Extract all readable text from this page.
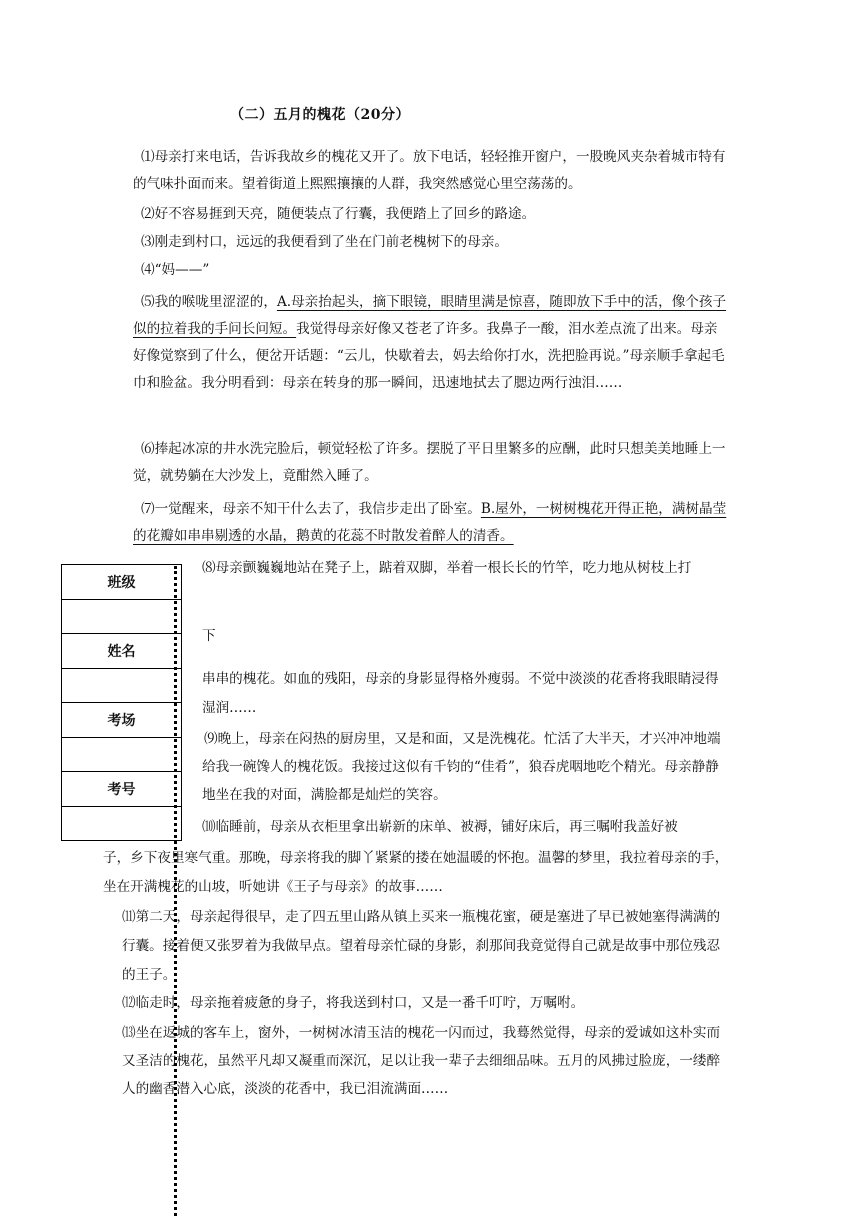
（二）五月的槐花（20分）
⑴母亲打来电话，告诉我故乡的槐花又开了。放下电话，轻轻推开窗户，一股晚风夹杂着城市特有的气味扑面而来。望着街道上熙熙攘攘的人群，我突然感觉心里空荡荡的。
⑵好不容易捱到天亮，随便装点了行囊，我便踏上了回乡的路途。
⑶刚走到村口，远远的我便看到了坐在门前老槐树下的母亲。
⑷“妈——”
⑸我的喉咙里涩涩的，A.母亲抬起头，摘下眼镜，眼睛里满是惊喜，随即放下手中的活，像个孩子似的拉着我的手问长问短。我觉得母亲好像又苍老了许多。我鼻子一酸，泪水差点流了出来。母亲好像觉察到了什么，便岔开话题：“云儿，快歇着去，妈去给你打水，洗把脸再说。”母亲顺手拿起毛巾和脸盆。我分明看到：母亲在转身的那一瞬间，迅速地拭去了腮边两行浊泪……
⑹捧起冰凉的井水洗完脸后，顿觉轻松了许多。摆脱了平日里繁多的应酬，此时只想美美地睡上一觉，就势躺在大沙发上，竟酣然入睡了。
⑺一觉醒来，母亲不知干什么去了，我信步走出了卧室。B.屋外，一树树槐花开得正艳，满树晶莹的花瓣如串串剔透的水晶，鹅黄的花蕊不时散发着醉人的清香。
⑻母亲颤巍巍地站在凳子上，踮着双脚，举着一根长长的竹竿，吃力地从树枝上打
下
串串的槐花。如血的残阳，母亲的身影显得格外瘦弱。不觉中淡淡的花香将我眼睛浸得湿润……
⑼晚上，母亲在闷热的厨房里，又是和面，又是洗槐花。忙活了大半天，才兴冲冲地端给我一碗馋人的槐花饭。我接过这似有千钧的“佳肴”，狼吞虎咽地吃个精光。母亲静静地坐在我的对面，满脸都是灿烂的笑容。
⑽临睡前，母亲从衣柜里拿出崭新的床单、被褥，铺好床后，再三嘱咐我盖好被
子，乡下夜里寒气重。那晚，母亲将我的脚丫紧紧的搂在她温暖的怀抱。温馨的梦里，我拉着母亲的手，坐在开满槐花的山坡，听她讲《王子与母亲》的故事……
⑾第二天，母亲起得很早，走了四五里山路从镇上买来一瓶槐花蜜，硬是塞进了早已被她塞得满满的行囊。接着便又张罗着为我做早点。望着母亲忙碌的身影，刹那间我竟觉得自己就是故事中那位残忍的王子。
⑿临走时，母亲拖着疲惫的身子，将我送到村口，又是一番千叮咛，万嘱咐。
⒀坐在返城的客车上，窗外，一树树冰清玉洁的槐花一闪而过，我蓦然觉得，母亲的爱诚如这朴实而又圣洁的槐花，虽然平凡却又凝重而深沉，足以让我一辈子去细细品味。五月的风拂过脸庞，一缕醉人的幽香潜入心底，淡淡的花香中，我已泪流满面……
班级
姓名
考场
考号
